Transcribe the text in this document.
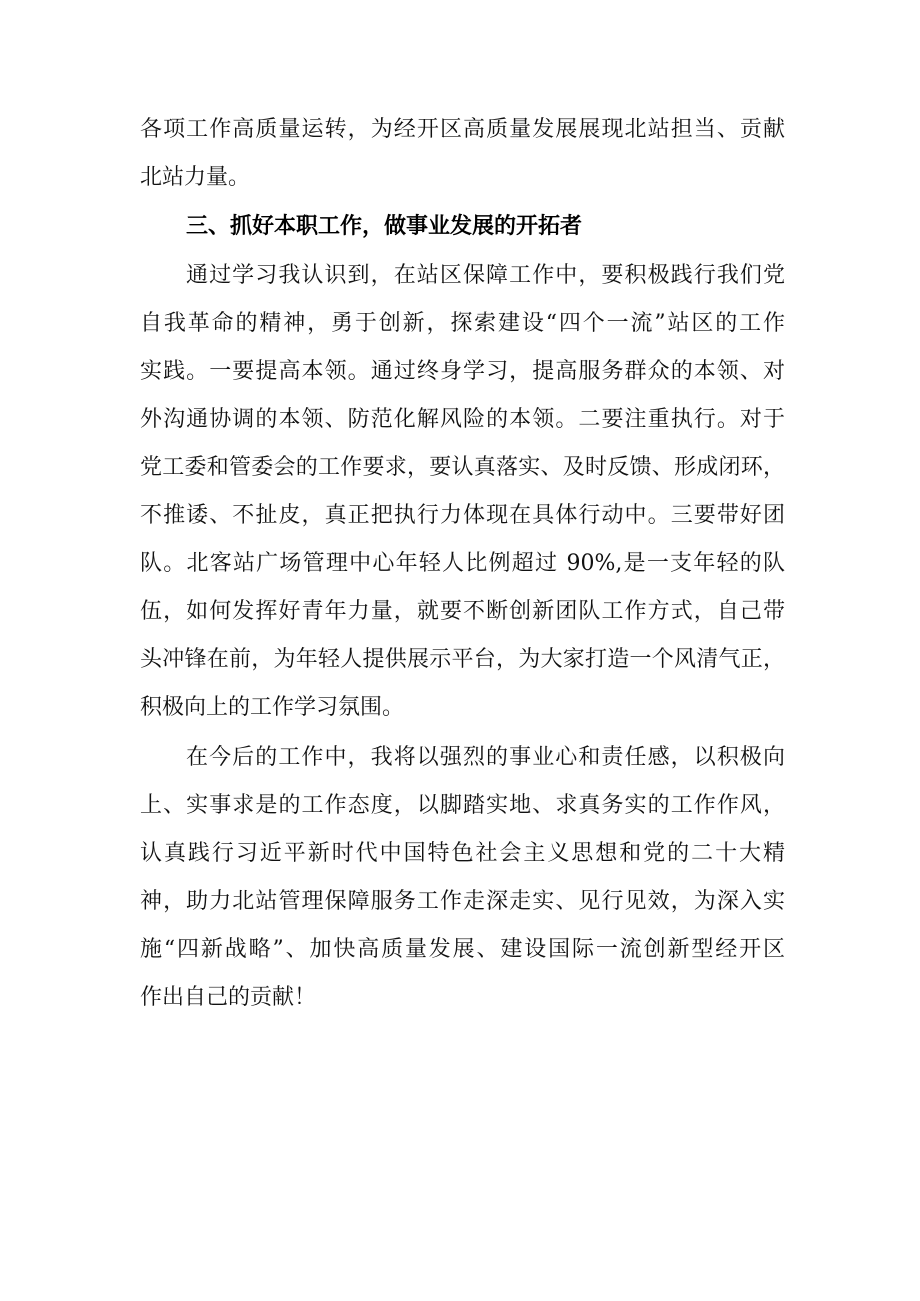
各项工作高质量运转，为经开区高质量发展展现北站担当、贡献
北站力量。
三、抓好本职工作，做事业发展的开拓者
通过学习我认识到，在站区保障工作中，要积极践行我们党
自我革命的精神，勇于创新，探索建设“四个一流”站区的工作
实践。一要提高本领。通过终身学习，提高服务群众的本领、对
外沟通协调的本领、防范化解风险的本领。二要注重执行。对于
党工委和管委会的工作要求，要认真落实、及时反馈、形成闭环，
不推诿、不扯皮，真正把执行力体现在具体行动中。三要带好团
队。北客站广场管理中心年轻人比例超过 90%,是一支年轻的队
伍，如何发挥好青年力量，就要不断创新团队工作方式，自己带
头冲锋在前，为年轻人提供展示平台，为大家打造一个风清气正，
积极向上的工作学习氛围。
在今后的工作中，我将以强烈的事业心和责任感，以积极向
上、实事求是的工作态度，以脚踏实地、求真务实的工作作风，
认真践行习近平新时代中国特色社会主义思想和党的二十大精
神，助力北站管理保障服务工作走深走实、见行见效，为深入实
施“四新战略”、加快高质量发展、建设国际一流创新型经开区
作出自己的贡献！
